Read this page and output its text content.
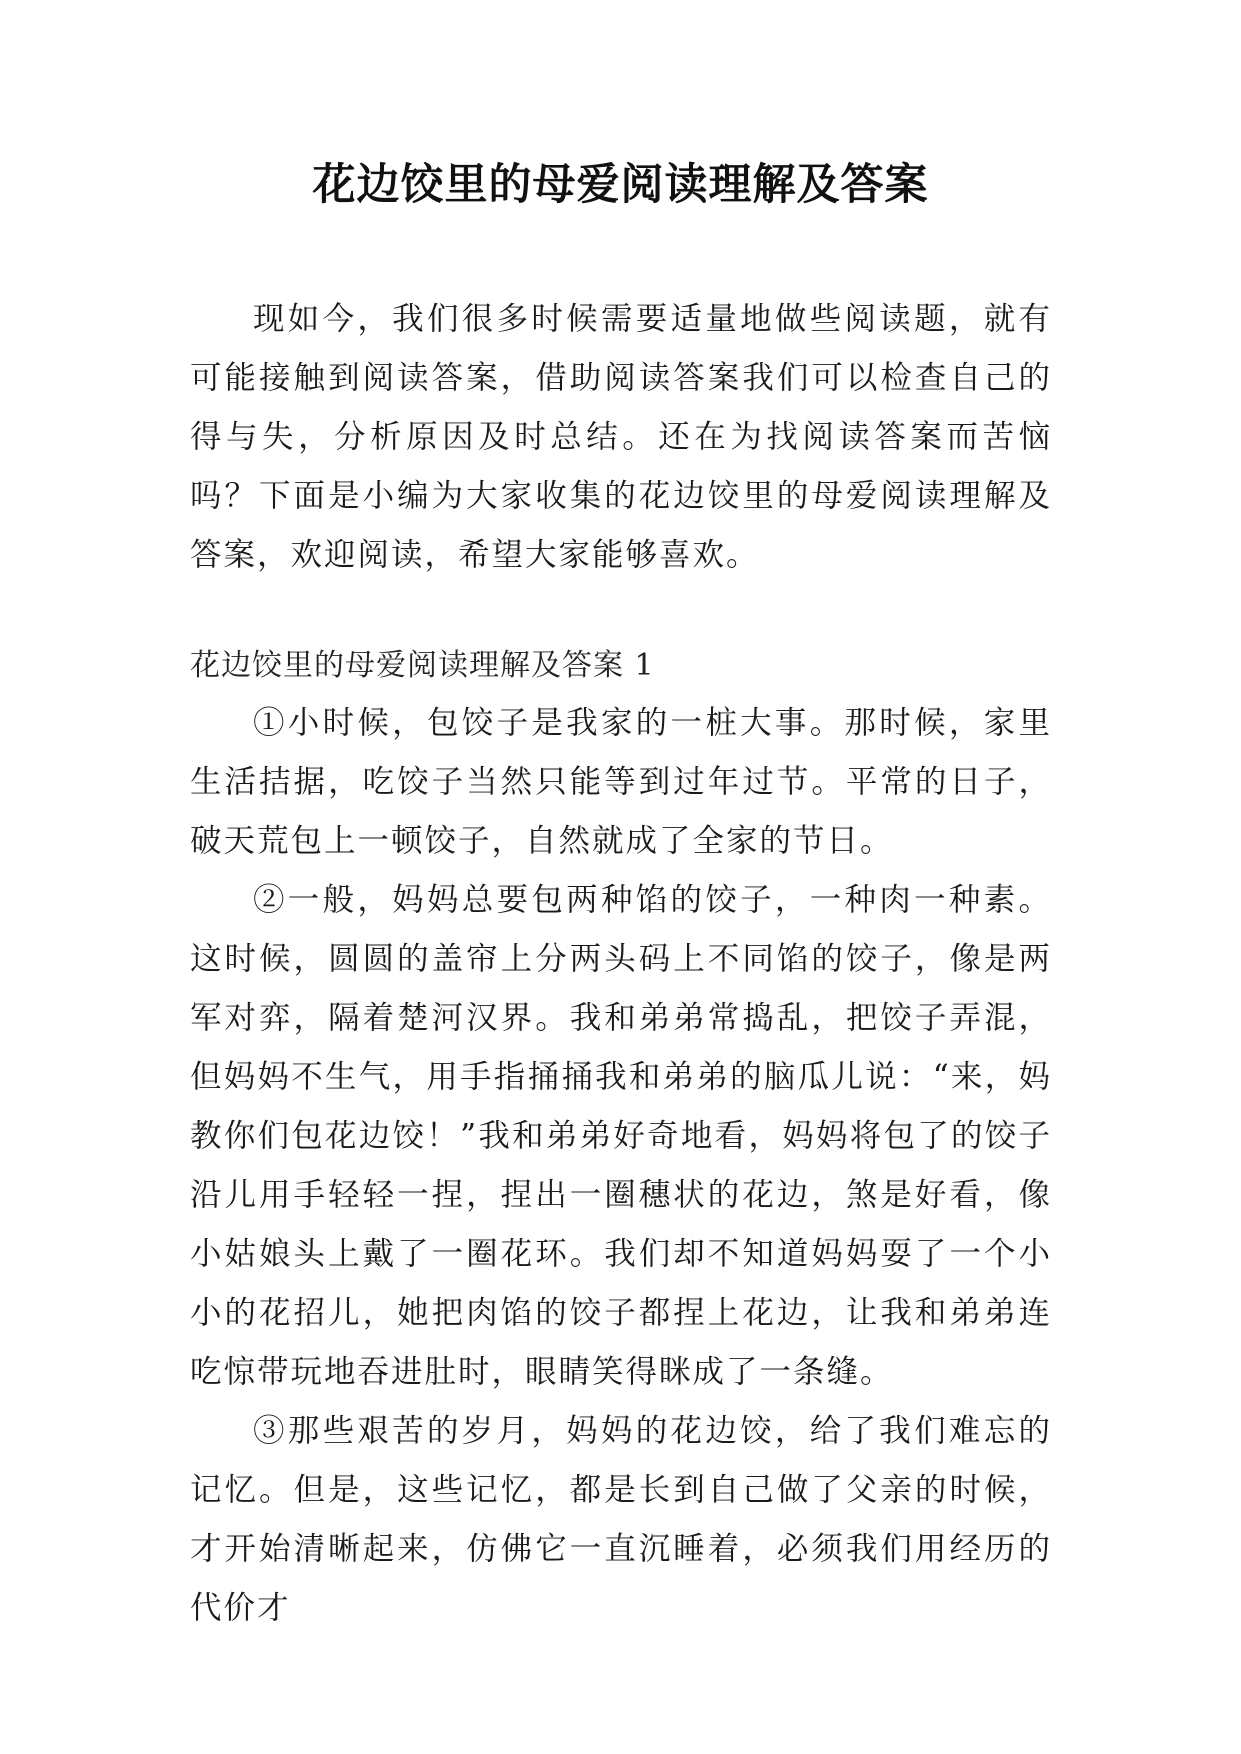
花边饺里的母爱阅读理解及答案

现如今，我们很多时候需要适量地做些阅读题，就有可能接触到阅读答案，借助阅读答案我们可以检查自己的得与失，分析原因及时总结。还在为找阅读答案而苦恼吗？下面是小编为大家收集的花边饺里的母爱阅读理解及答案，欢迎阅读，希望大家能够喜欢。

花边饺里的母爱阅读理解及答案 1

①小时候，包饺子是我家的一桩大事。那时候，家里生活拮据，吃饺子当然只能等到过年过节。平常的日子，破天荒包上一顿饺子，自然就成了全家的节日。

②一般，妈妈总要包两种馅的饺子，一种肉一种素。这时候，圆圆的盖帘上分两头码上不同馅的饺子，像是两军对弈，隔着楚河汉界。我和弟弟常捣乱，把饺子弄混，但妈妈不生气，用手指捅捅我和弟弟的脑瓜儿说：“来，妈教你们包花边饺！”我和弟弟好奇地看，妈妈将包了的饺子沿儿用手轻轻一捏，捏出一圈穗状的花边，煞是好看，像小姑娘头上戴了一圈花环。我们却不知道妈妈耍了一个小小的花招儿，她把肉馅的饺子都捏上花边，让我和弟弟连吃惊带玩地吞进肚时，眼睛笑得眯成了一条缝。

③那些艰苦的岁月，妈妈的花边饺，给了我们难忘的记忆。但是，这些记忆，都是长到自己做了父亲的时候，才开始清晰起来，仿佛它一直沉睡着，必须我们用经历的代价才
